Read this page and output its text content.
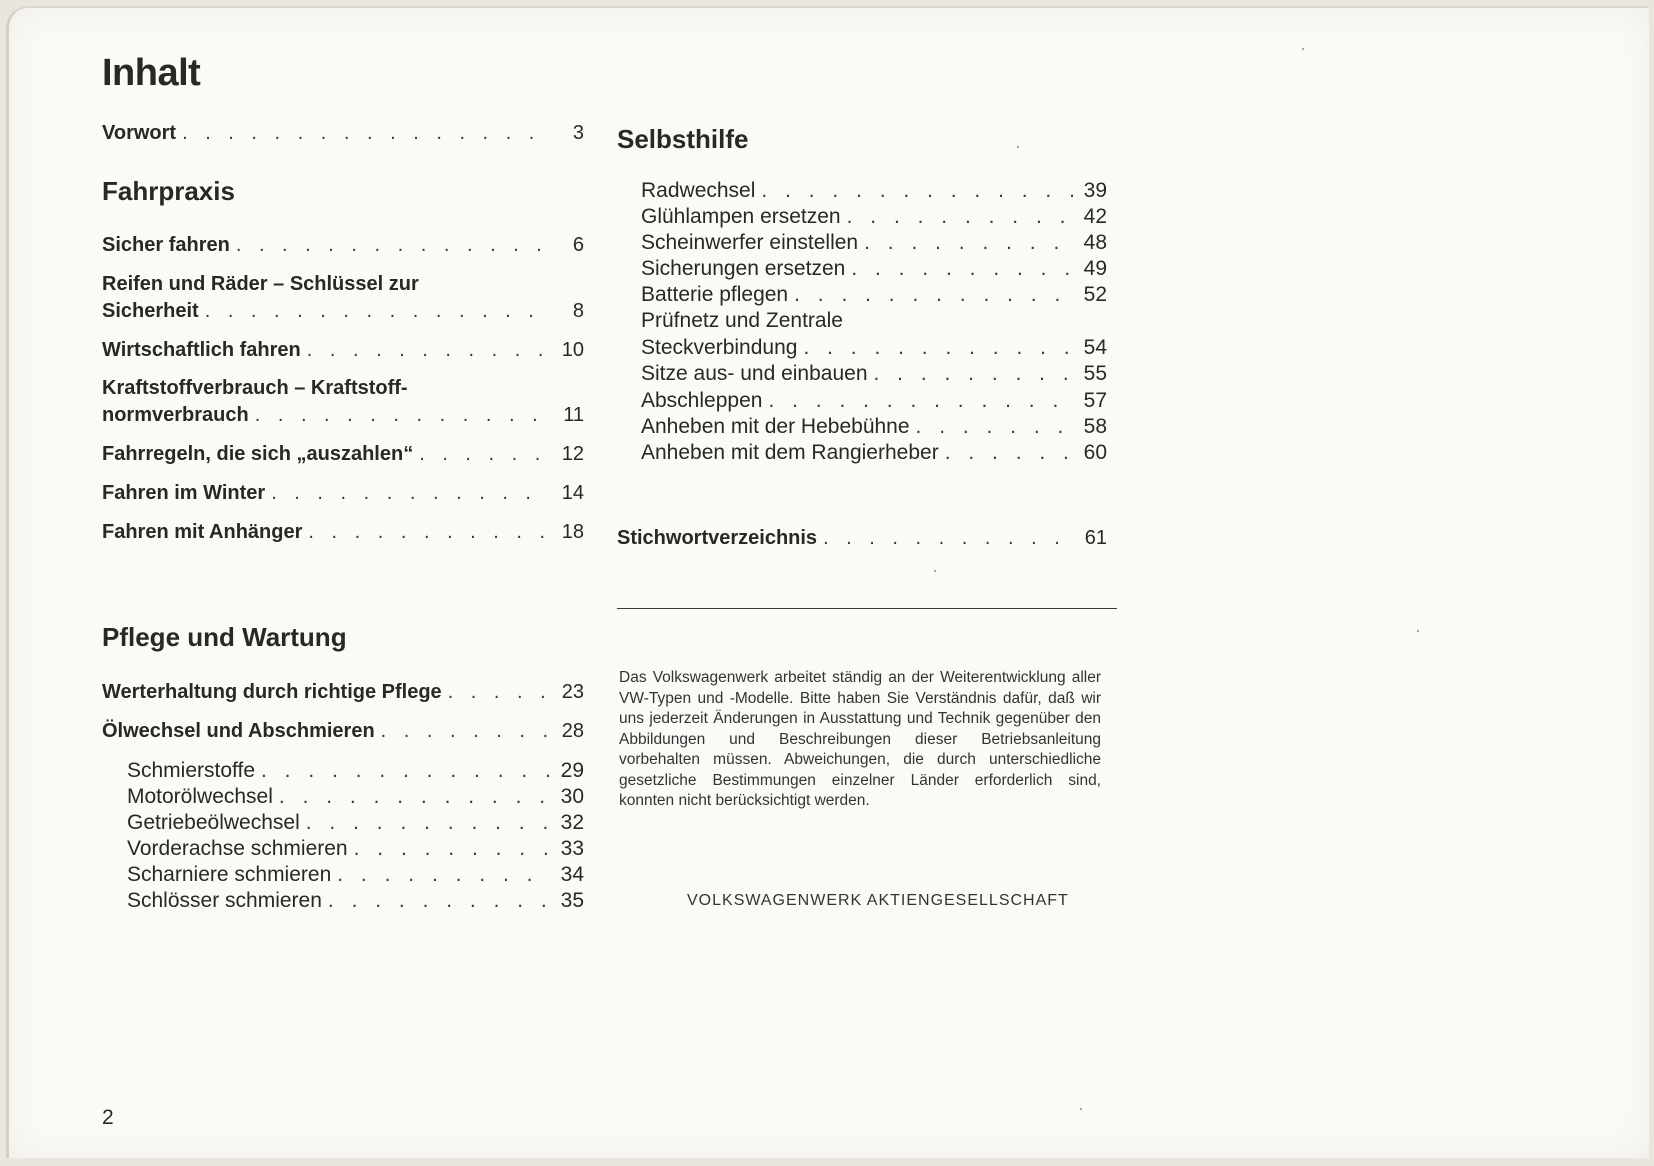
Inhalt
Vorwort . . .	3
Fahrpraxis
Sicher fahren . . .	6
Reifen und Räder – Schlüssel zur
Sicherheit . . .	8
Wirtschaftlich fahren . . .	10
Kraftstoffverbrauch – Kraftstoff-
normverbrauch . . .	11
Fahrregeln, die sich „auszahlen“ . . .	12
Fahren im Winter . . .	14
Fahren mit Anhänger . . .	18
Pflege und Wartung
Werterhaltung durch richtige Pflege . . .	23
Ölwechsel und Abschmieren . . .	28
Schmierstoffe . . .	29
Motorölwechsel . . .	30
Getriebeölwechsel . . .	32
Vorderachse schmieren . . .	33
Scharniere schmieren . . .	34
Schlösser schmieren . . .	35
Selbsthilfe
Radwechsel . . .	39
Glühlampen ersetzen . . .	42
Scheinwerfer einstellen . . .	48
Sicherungen ersetzen . . .	49
Batterie pflegen . . .	52
Prüfnetz und Zentrale
Steckverbindung . . .	54
Sitze aus- und einbauen . . .	55
Abschleppen . . .	57
Anheben mit der Hebebühne . . .	58
Anheben mit dem Rangierheber . . .	60
Stichwortverzeichnis . . .	61
Das Volkswagenwerk arbeitet ständig an der Weiterentwicklung aller VW-Typen und -Modelle. Bitte haben Sie Verständnis dafür, daß wir uns jederzeit Änderungen in Ausstattung und Technik gegenüber den Abbildungen und Beschreibungen dieser Betriebsanleitung vorbehalten müssen. Abweichungen, die durch unterschiedliche gesetzliche Bestimmungen einzelner Länder erforderlich sind, konnten nicht berücksichtigt werden.
VOLKSWAGENWERK AKTIENGESELLSCHAFT
2
